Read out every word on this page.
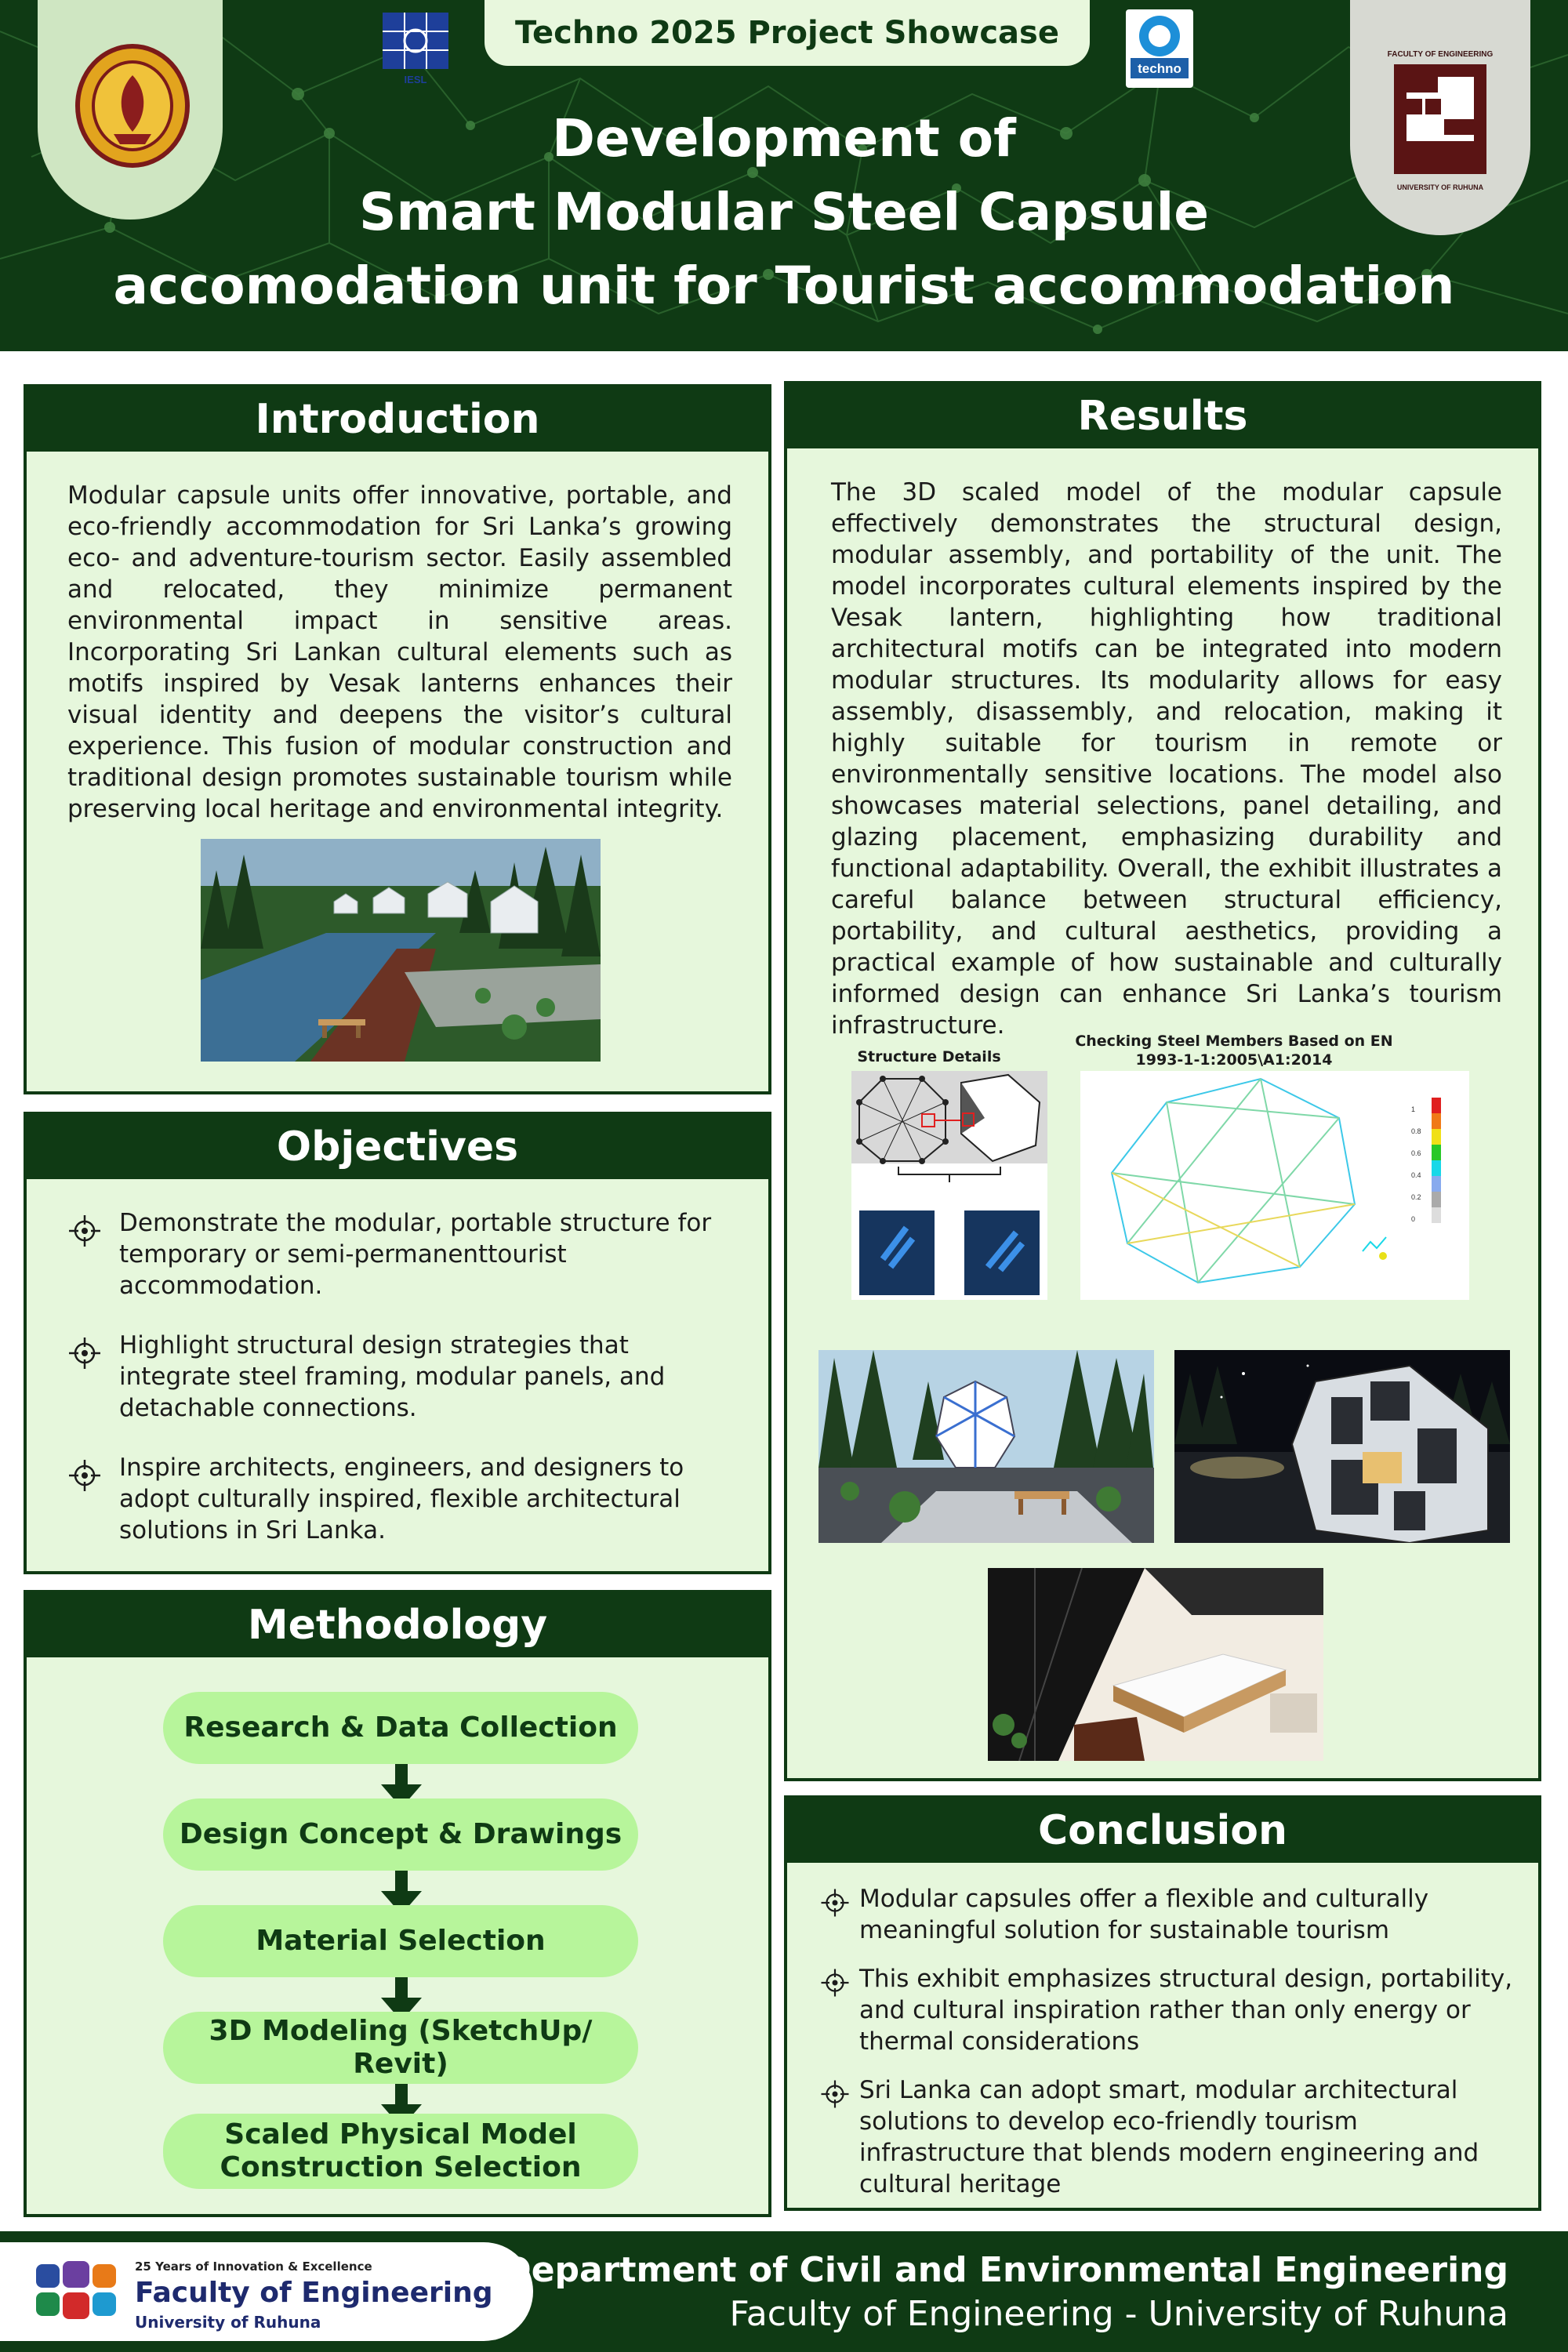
IESL
Techno 2025 Project Showcase
techno
FACULTY OF ENGINEERING
UNIVERSITY OF RUHUNA
Development of
Smart Modular Steel Capsule
accomodation unit for Tourist accommodation
Introduction
Modular capsule units offer innovative, portable, and eco-friendly accommodation for Sri Lanka’s growing eco- and adventure-tourism sector. Easily assembled and relocated, they minimize permanent environmental impact in sensitive areas. Incorporating Sri Lankan cultural elements such as motifs inspired by Vesak lanterns enhances their visual identity and deepens the visitor’s cultural experience. This fusion of modular construction and traditional design promotes sustainable tourism while preserving local heritage and environmental integrity.
Objectives
Demonstrate the modular, portable structure for temporary or semi-permanenttourist accommodation.
Highlight structural design strategies that integrate steel framing, modular panels, and detachable connections.
Inspire architects, engineers, and designers to adopt culturally inspired, flexible architectural solutions in Sri Lanka.
Methodology
Research & Data Collection
Design Concept & Drawings
Material Selection
3D Modeling (SketchUp/ Revit)
Scaled Physical Model Construction Selection
Results
The 3D scaled model of the modular capsule effectively demonstrates the structural design, modular assembly, and portability of the unit. The model incorporates cultural elements inspired by the Vesak lantern, highlighting how traditional architectural motifs can be integrated into modern modular structures. Its modularity allows for easy assembly, disassembly, and relocation, making it highly suitable for tourism in remote or environmentally sensitive locations. The model also showcases material selections, panel detailing, and glazing placement, emphasizing durability and functional adaptability. Overall, the exhibit illustrates a careful balance between structural efficiency, portability, and cultural aesthetics, providing a practical example of how sustainable and culturally informed design can enhance Sri Lanka’s tourism infrastructure.
Structure Details
Checking Steel Members Based on EN 1993-1-1:2005\A1:2014
1
0.8
0.6
0.4
0.2
0
Conclusion
Modular capsules offer a flexible and culturally meaningful solution for sustainable tourism
This exhibit emphasizes structural design, portability, and cultural inspiration rather than only energy or thermal considerations
Sri Lanka can adopt smart, modular architectural solutions to develop eco-friendly tourism infrastructure that blends modern engineering and cultural heritage
25 Years of Innovation & Excellence
Faculty of Engineering
University of Ruhuna
Department of Civil and Environmental Engineering
Faculty of Engineering - University of Ruhuna
